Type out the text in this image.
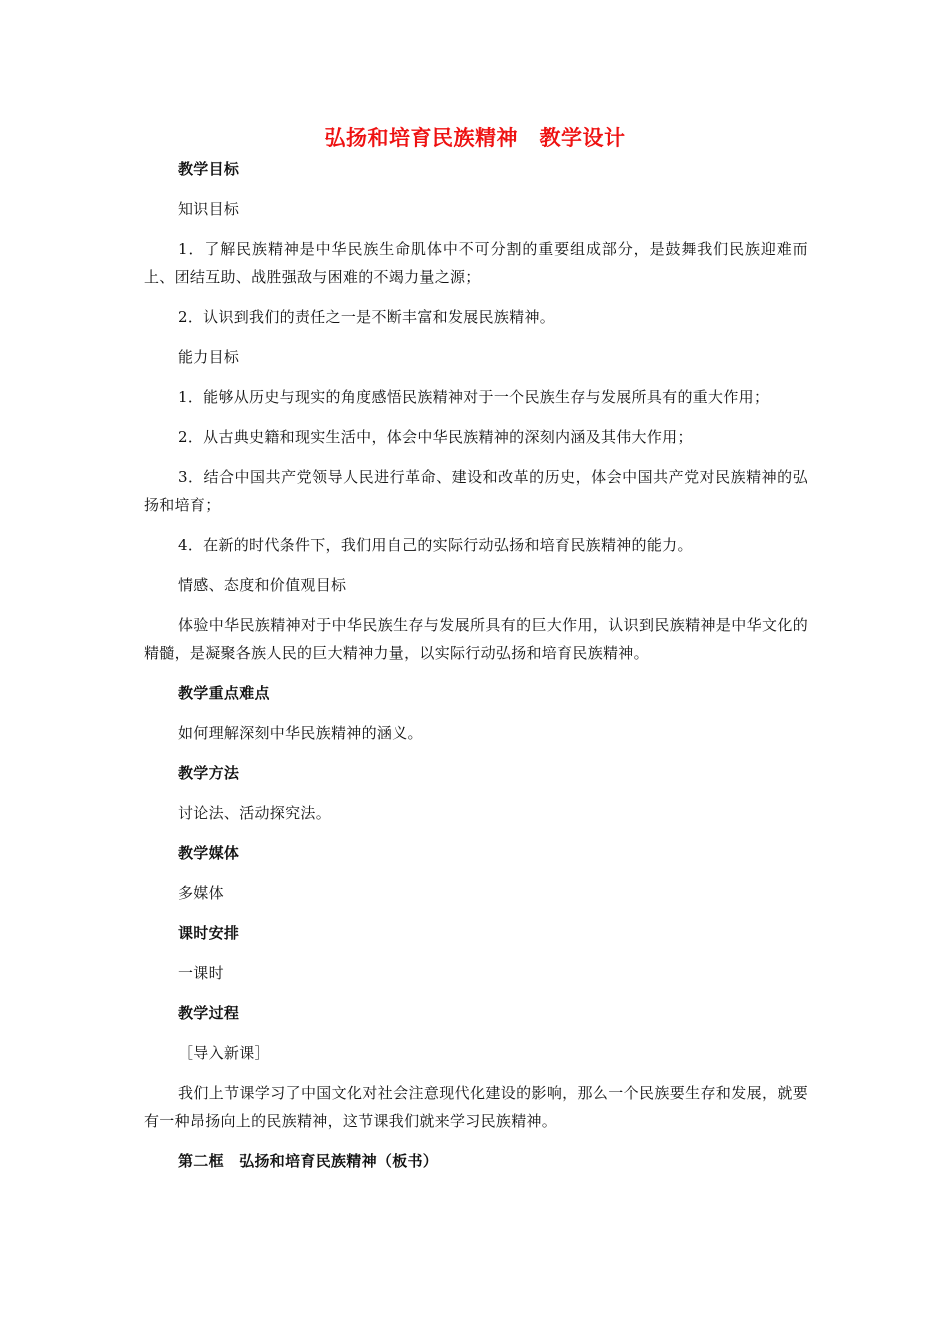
弘扬和培育民族精神　教学设计

教学目标

知识目标

1．了解民族精神是中华民族生命肌体中不可分割的重要组成部分，是鼓舞我们民族迎难而上、团结互助、战胜强敌与困难的不竭力量之源；

2．认识到我们的责任之一是不断丰富和发展民族精神。

能力目标

1．能够从历史与现实的角度感悟民族精神对于一个民族生存与发展所具有的重大作用；

2．从古典史籍和现实生活中，体会中华民族精神的深刻内涵及其伟大作用；

3．结合中国共产党领导人民进行革命、建设和改革的历史，体会中国共产党对民族精神的弘扬和培育；

4．在新的时代条件下，我们用自己的实际行动弘扬和培育民族精神的能力。

情感、态度和价值观目标

体验中华民族精神对于中华民族生存与发展所具有的巨大作用，认识到民族精神是中华文化的精髓，是凝聚各族人民的巨大精神力量，以实际行动弘扬和培育民族精神。

教学重点难点

如何理解深刻中华民族精神的涵义。

教学方法

讨论法、活动探究法。

教学媒体

多媒体

课时安排

一课时

教学过程

［导入新课］

我们上节课学习了中国文化对社会注意现代化建设的影响，那么一个民族要生存和发展，就要有一种昂扬向上的民族精神，这节课我们就来学习民族精神。

第二框　弘扬和培育民族精神（板书）
